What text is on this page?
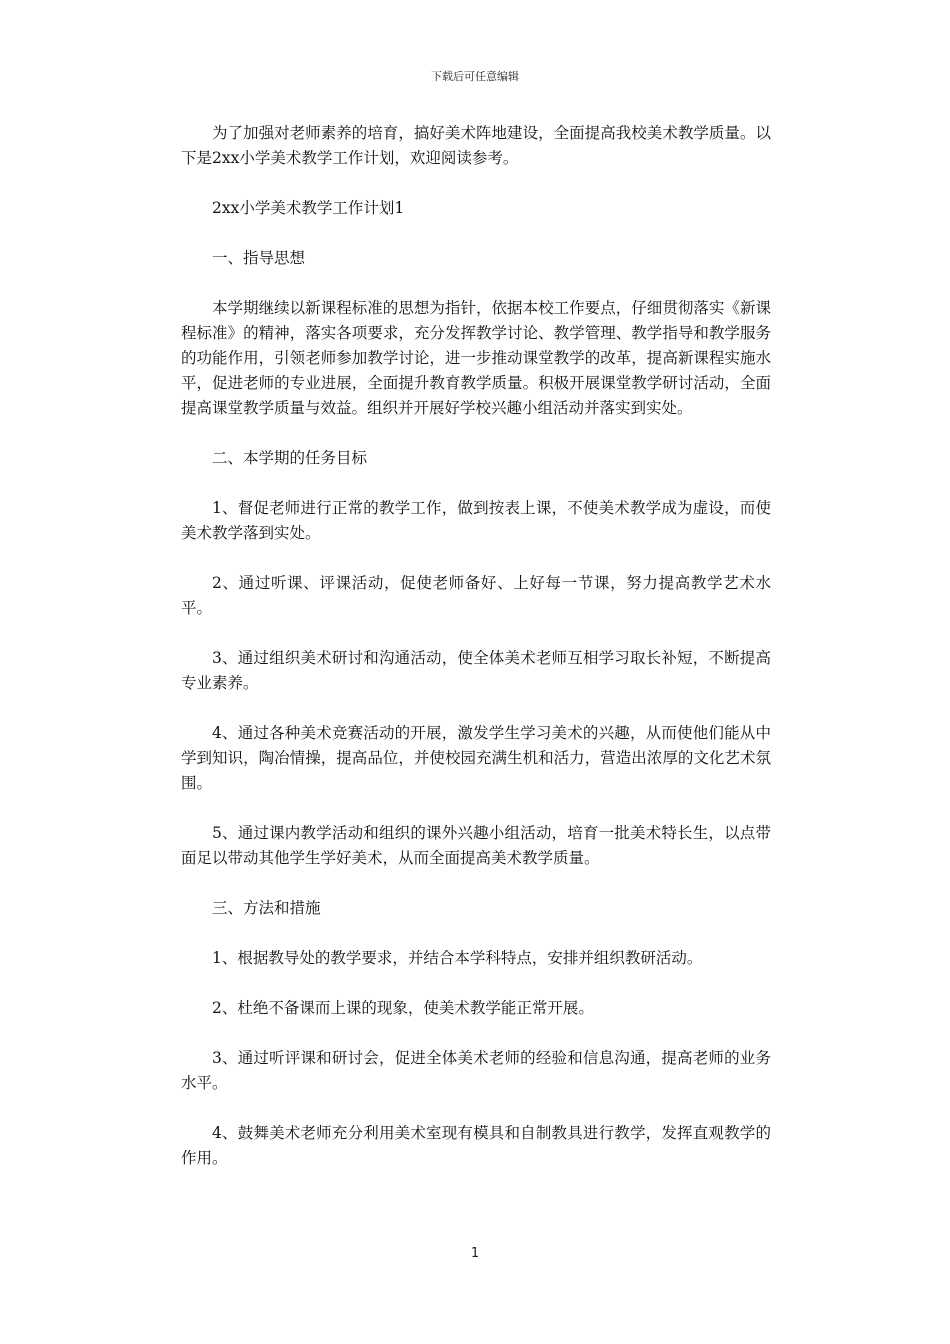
下载后可任意编辑

为了加强对老师素养的培育，搞好美术阵地建设，全面提高我校美术教学质量。以下是2xx小学美术教学工作计划，欢迎阅读参考。

2xx小学美术教学工作计划1

一、指导思想

本学期继续以新课程标准的思想为指针，依据本校工作要点，仔细贯彻落实《新课程标准》的精神，落实各项要求，充分发挥教学讨论、教学管理、教学指导和教学服务的功能作用，引领老师参加教学讨论，进一步推动课堂教学的改革，提高新课程实施水平，促进老师的专业进展，全面提升教育教学质量。积极开展课堂教学研讨活动，全面提高课堂教学质量与效益。组织并开展好学校兴趣小组活动并落实到实处。

二、本学期的任务目标

1、督促老师进行正常的教学工作，做到按表上课，不使美术教学成为虚设，而使美术教学落到实处。

2、通过听课、评课活动，促使老师备好、上好每一节课，努力提高教学艺术水平。

3、通过组织美术研讨和沟通活动，使全体美术老师互相学习取长补短，不断提高专业素养。

4、通过各种美术竞赛活动的开展，激发学生学习美术的兴趣，从而使他们能从中学到知识，陶冶情操，提高品位，并使校园充满生机和活力，营造出浓厚的文化艺术氛围。

5、通过课内教学活动和组织的课外兴趣小组活动，培育一批美术特长生，以点带面足以带动其他学生学好美术，从而全面提高美术教学质量。

三、方法和措施

1、根据教导处的教学要求，并结合本学科特点，安排并组织教研活动。

2、杜绝不备课而上课的现象，使美术教学能正常开展。

3、通过听评课和研讨会，促进全体美术老师的经验和信息沟通，提高老师的业务水平。

4、鼓舞美术老师充分利用美术室现有模具和自制教具进行教学，发挥直观教学的作用。

1
